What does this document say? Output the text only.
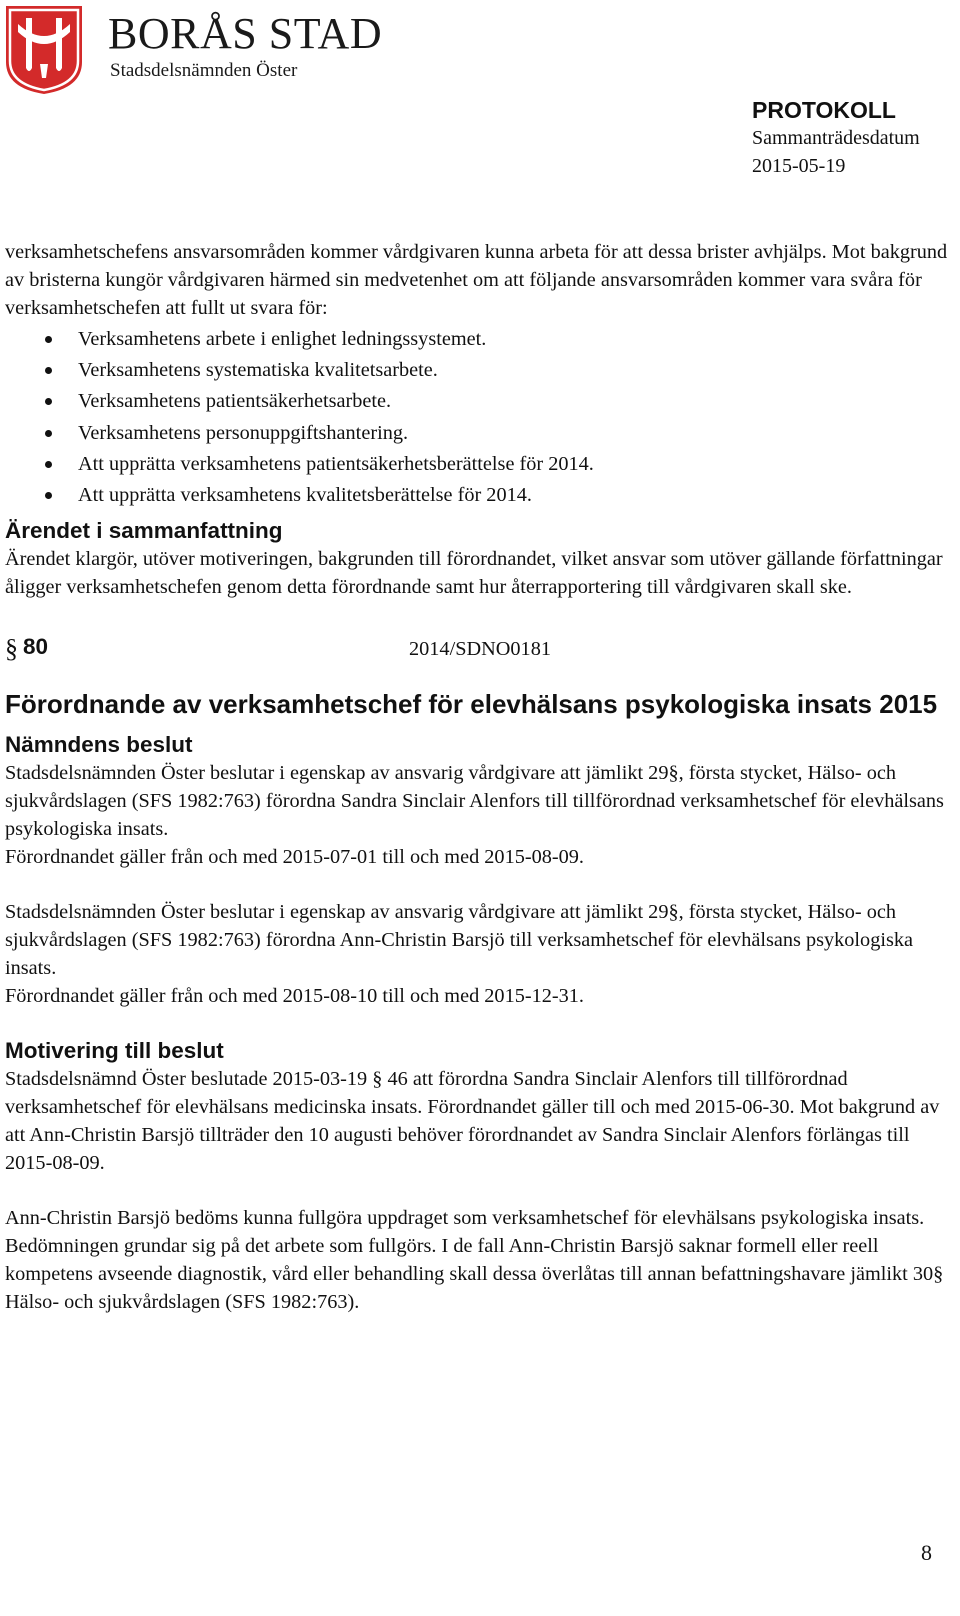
BORÅS STAD
Stadsdelsnämnden Öster
PROTOKOLL
Sammanträdesdatum
2015-05-19

verksamhetschefens ansvarsområden kommer vårdgivaren kunna arbeta för att dessa brister avhjälps. Mot bakgrund av bristerna kungör vårdgivaren härmed sin medvetenhet om att följande ansvarsområden kommer vara svåra för verksamhetschefen att fullt ut svara för:

Verksamhetens arbete i enlighet ledningssystemet.
Verksamhetens systematiska kvalitetsarbete.
Verksamhetens patientsäkerhetsarbete.
Verksamhetens personuppgiftshantering.
Att upprätta verksamhetens patientsäkerhetsberättelse för 2014.
Att upprätta verksamhetens kvalitetsberättelse för 2014.
Ärendet i sammanfattning

Ärendet klargör, utöver motiveringen, bakgrunden till förordnandet, vilket ansvar som utöver gällande författningar åligger verksamhetschefen genom detta förordnande samt hur återrapportering till vårdgivaren skall ske.

§ 80	2014/SDNO0181
Förordnande av verksamhetschef för elevhälsans psykologiska insats 2015
Nämndens beslut

Stadsdelsnämnden Öster beslutar i egenskap av ansvarig vårdgivare att jämlikt 29§, första stycket, Hälso- och sjukvårdslagen (SFS 1982:763) förordna Sandra Sinclair Alenfors till tillförordnad verksamhetschef för elevhälsans psykologiska insats.

Förordnandet gäller från och med 2015-07-01 till och med 2015-08-09.

Stadsdelsnämnden Öster beslutar i egenskap av ansvarig vårdgivare att jämlikt 29§, första stycket, Hälso- och sjukvårdslagen (SFS 1982:763) förordna Ann-Christin Barsjö till verksamhetschef för elevhälsans psykologiska insats.

Förordnandet gäller från och med 2015-08-10 till och med 2015-12-31.

Motivering till beslut

Stadsdelsnämnd Öster beslutade 2015-03-19 § 46 att förordna Sandra Sinclair Alenfors till tillförordnad verksamhetschef för elevhälsans medicinska insats. Förordnandet gäller till och med 2015-06-30. Mot bakgrund av att Ann-Christin Barsjö tillträder den 10 augusti behöver förordnandet av Sandra Sinclair Alenfors förlängas till 2015-08-09.

Ann-Christin Barsjö bedöms kunna fullgöra uppdraget som verksamhetschef för elevhälsans psykologiska insats. Bedömningen grundar sig på det arbete som fullgörs. I de fall Ann-Christin Barsjö saknar formell eller reell kompetens avseende diagnostik, vård eller behandling skall dessa överlåtas till annan befattningshavare jämlikt 30§ Hälso- och sjukvårdslagen (SFS 1982:763).

8
